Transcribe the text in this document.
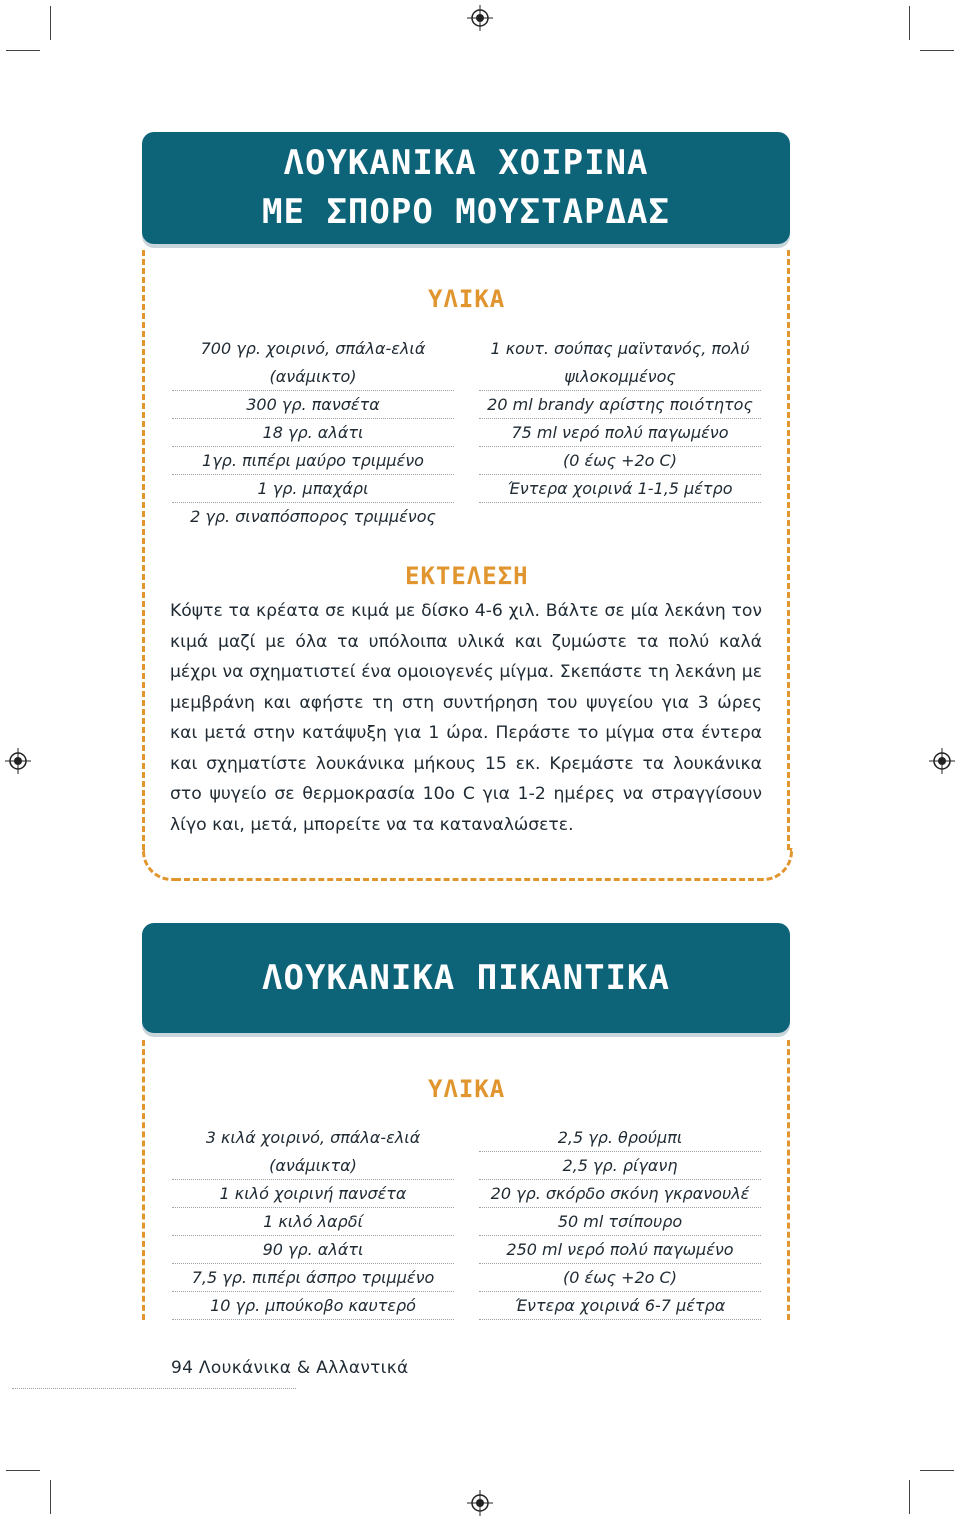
ΛΟΥΚΑΝΙΚΑ ΧΟΙΡΙΝΑ
ΜΕ ΣΠΟΡΟ ΜΟΥΣΤΑΡΔΑΣ
ΥΛΙΚΑ
700 γρ. χοιρινό, σπάλα-ελιά
(ανάμικτο)
300 γρ. πανσέτα
18 γρ. αλάτι
1γρ. πιπέρι μαύρο τριμμένο
1 γρ. μπαχάρι
2 γρ. σιναπόσπορος τριμμένος
1 κουτ. σούπας μαϊντανός, πολύ
ψιλοκομμένος
20 ml brandy αρίστης ποιότητος
75 ml νερό πολύ παγωμένο
(0 έως +2ο C)
Έντερα χοιρινά 1-1,5 μέτρο
ΕΚΤΕΛΕΣΗ

Κόψτε τα κρέατα σε κιμά με δίσκο 4-6 χιλ. Βάλτε σε μία λεκάνη τον κιμά μαζί με όλα τα υπόλοιπα υλικά και ζυμώστε τα πολύ καλά μέχρι να σχηματιστεί ένα ομοιογενές μίγμα. Σκεπάστε τη λεκάνη με μεμβράνη και αφήστε τη στη συντήρηση του ψυγείου για 3 ώρες και μετά στην κατάψυξη για 1 ώρα. Περάστε το μίγμα στα έντερα και σχηματίστε λουκάνικα μήκους 15 εκ. Κρεμάστε τα λουκάνικα στο ψυγείο σε θερμοκρασία 10ο C για 1-2 ημέρες να στραγγίσουν λίγο και, μετά, μπορείτε να τα καταναλώσετε.

ΛΟΥΚΑΝΙΚΑ ΠΙΚΑΝΤΙΚΑ
ΥΛΙΚΑ
3 κιλά χοιρινό, σπάλα-ελιά
(ανάμικτα)
1 κιλό χοιρινή πανσέτα
1 κιλό λαρδί
90 γρ. αλάτι
7,5 γρ. πιπέρι άσπρο τριμμένο
10 γρ. μπούκοβο καυτερό
2,5 γρ. θρούμπι
2,5 γρ. ρίγανη
20 γρ. σκόρδο σκόνη γκρανουλέ
50 ml τσίπουρο
250 ml νερό πολύ παγωμένο
(0 έως +2ο C)
Έντερα χοιρινά 6-7 μέτρα
94 Λουκάνικα & Αλλαντικά
